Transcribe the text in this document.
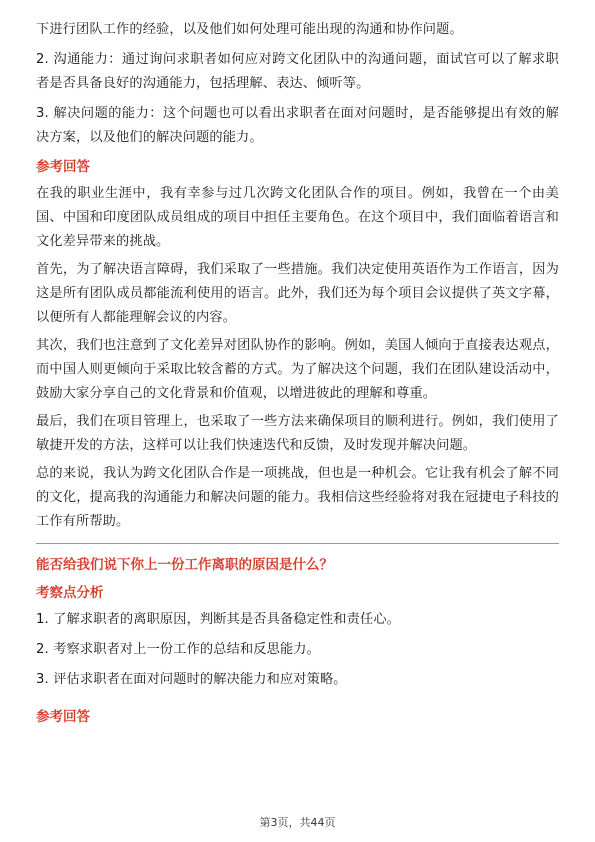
下进行团队工作的经验，以及他们如何处理可能出现的沟通和协作问题。

2. 沟通能力：通过询问求职者如何应对跨文化团队中的沟通问题，面试官可以了解求职者是否具备良好的沟通能力，包括理解、表达、倾听等。

3. 解决问题的能力：这个问题也可以看出求职者在面对问题时，是否能够提出有效的解决方案，以及他们的解决问题的能力。

参考回答

在我的职业生涯中，我有幸参与过几次跨文化团队合作的项目。例如，我曾在一个由美国、中国和印度团队成员组成的项目中担任主要角色。在这个项目中，我们面临着语言和文化差异带来的挑战。

首先，为了解决语言障碍，我们采取了一些措施。我们决定使用英语作为工作语言，因为这是所有团队成员都能流利使用的语言。此外，我们还为每个项目会议提供了英文字幕，以便所有人都能理解会议的内容。

其次，我们也注意到了文化差异对团队协作的影响。例如，美国人倾向于直接表达观点，而中国人则更倾向于采取比较含蓄的方式。为了解决这个问题，我们在团队建设活动中，鼓励大家分享自己的文化背景和价值观，以增进彼此的理解和尊重。

最后，我们在项目管理上，也采取了一些方法来确保项目的顺利进行。例如，我们使用了敏捷开发的方法，这样可以让我们快速迭代和反馈，及时发现并解决问题。

总的来说，我认为跨文化团队合作是一项挑战，但也是一种机会。它让我有机会了解不同的文化，提高我的沟通能力和解决问题的能力。我相信这些经验将对我在冠捷电子科技的工作有所帮助。

能否给我们说下你上一份工作离职的原因是什么？
考察点分析

1. 了解求职者的离职原因，判断其是否具备稳定性和责任心。

2. 考察求职者对上一份工作的总结和反思能力。

3. 评估求职者在面对问题时的解决能力和应对策略。

参考回答
第3页，共44页
